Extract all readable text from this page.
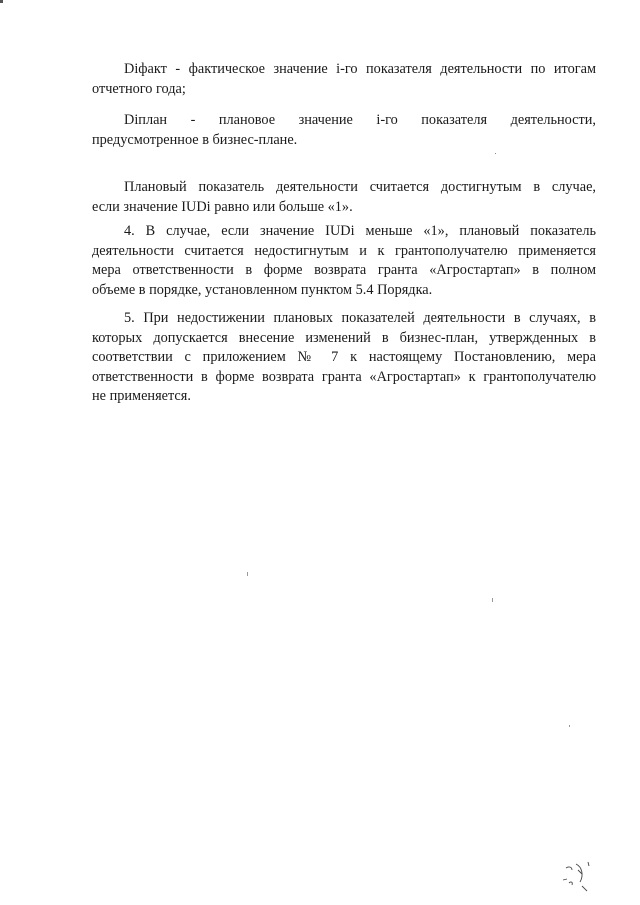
Diфакт - фактическое значение i-го показателя деятельности по итогам
отчетного года;
Diплан - плановое значение i-го показателя деятельности,
предусмотренное в бизнес-плане.
Плановый показатель деятельности считается достигнутым в случае,
если значение IUDi равно или больше «1».
4. В случае, если значение IUDi меньше «1», плановый показатель
деятельности считается недостигнутым и к грантополучателю применяется
мера ответственности в форме возврата гранта «Агростартап» в полном
объеме в порядке, установленном пунктом 5.4 Порядка.
5. При недостижении плановых показателей деятельности в случаях, в
которых допускается внесение изменений в бизнес-план, утвержденных в
соответствии с приложением № 7 к настоящему Постановлению, мера
ответственности в форме возврата гранта «Агростартап» к грантополучателю
не применяется.
